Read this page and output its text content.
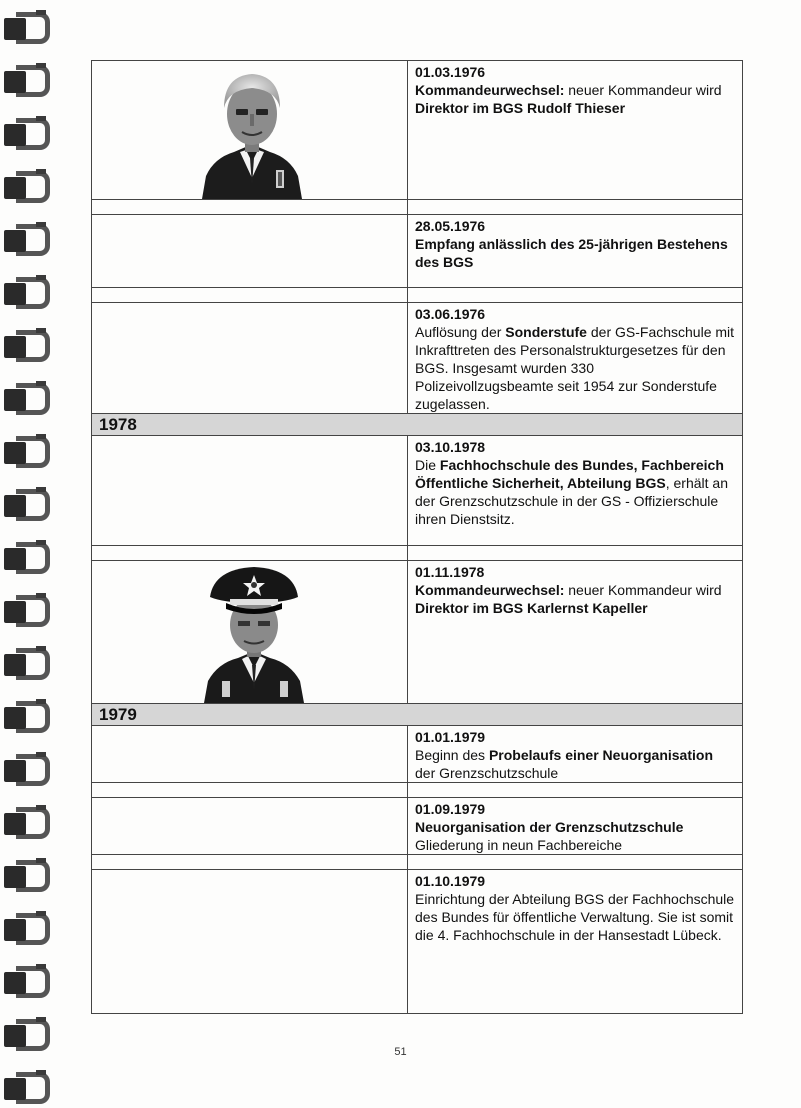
01.03.1976
Kommandeurwechsel: neuer Kommandeur wird
Direktor im BGS Rudolf Thieser

	28.05.1976
Empfang anlässlich des 25-jährigen Bestehens des BGS

	03.06.1976
Auflösung der Sonderstufe der GS-Fachschule mit Inkrafttreten des Personalstrukturgesetzes für den BGS. Insgesamt wurden 330 Polizeivollzugsbeamte seit 1954 zur Sonderstufe zugelassen.
1978	

	03.10.1978
Die Fachhochschule des Bundes, Fachbereich Öffentliche Sicherheit, Abteilung BGS, erhält an der Grenzschutzschule in der GS - Offizierschule ihren Dienstsitz.

01.11.1978
Kommandeurwechsel: neuer Kommandeur wird
Direktor im BGS Karlernst Kapeller
1979	

	01.01.1979
Beginn des Probelaufs einer Neuorganisation der Grenzschutzschule

	01.09.1979
Neuorganisation der Grenzschutzschule
Gliederung in neun Fachbereiche

	01.10.1979
Einrichtung der Abteilung BGS der Fachhochschule des Bundes für öffentliche Verwaltung. Sie ist somit die 4. Fachhochschule in der Hansestadt Lübeck.
51
